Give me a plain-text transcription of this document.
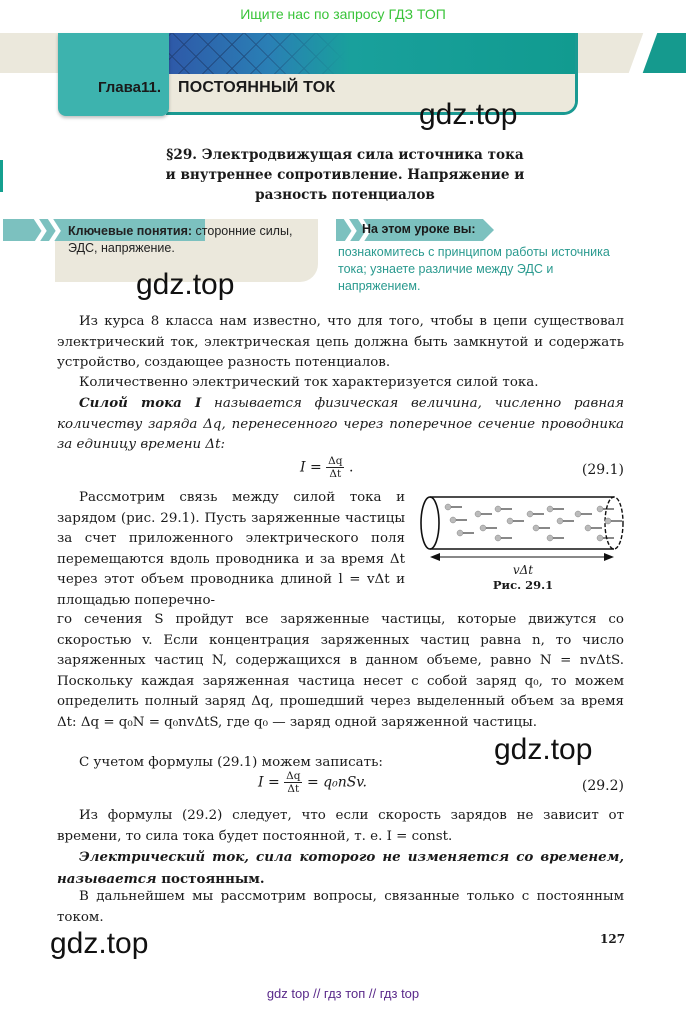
Ищите нас по запросу ГДЗ ТОП
Глава11. ПОСТОЯННЫЙ ТОК
gdz.top
§29. Электродвижущая сила источника тока
и внутреннее сопротивление. Напряжение и
разность потенциалов
❯❯ Ключевые понятия: сторонние силы, ЭДС, напряжение.
❯❯
На этом уроке вы:
познакомитесь с принципом работы источника тока; узнаете различие между ЭДС и напряжением.
gdz.top
Из курса 8 класса нам известно, что для того, чтобы в цепи существовал электрический ток, электрическая цепь должна быть замкнутой и содержать устройство, создающее разность потенциалов.
Количественно электрический ток характеризуется силой тока.
Силой тока I называется физическая величина, численно равная количеству заряда Δq, перенесенного через поперечное сечение проводника за единицу времени Δt:
$I = \frac{\Delta q}{\Delta t}$ .	(29.1)
Рассмотрим связь между силой тока и зарядом (рис. 29.1). Пусть заряженные частицы за счет приложенного электрического поля перемещаются вдоль проводника и за время Δt через этот объем проводника длиной l = vΔt и площадью поперечно-
vΔt
Рис. 29.1
го сечения S пройдут все заряженные частицы, которые движутся со скоростью v. Если концентрация заряженных частиц равна n, то число заряженных частиц N, содержащихся в данном объеме, равно N = nvΔtS. Поскольку каждая заряженная частица несет с собой заряд q₀, то можем определить полный заряд Δq, прошедший через выделенный объем за время Δt: Δq = q₀N = q₀nvΔtS, где q₀ — заряд одной заряженной частицы.
С учетом формулы (29.1) можем записать:	gdz.top
$I = \frac{\Delta q}{\Delta t} = q_0nSv$.	(29.2)
Из формулы (29.2) следует, что если скорость зарядов не зависит от времени, то сила тока будет постоянной, т. е. I = const.
Электрический ток, сила которого не изменяется со временем, называется постоянным.
В дальнейшем мы рассмотрим вопросы, связанные только с постоянным током.
gdz.top	127
gdz top // гдз топ // гдз top
